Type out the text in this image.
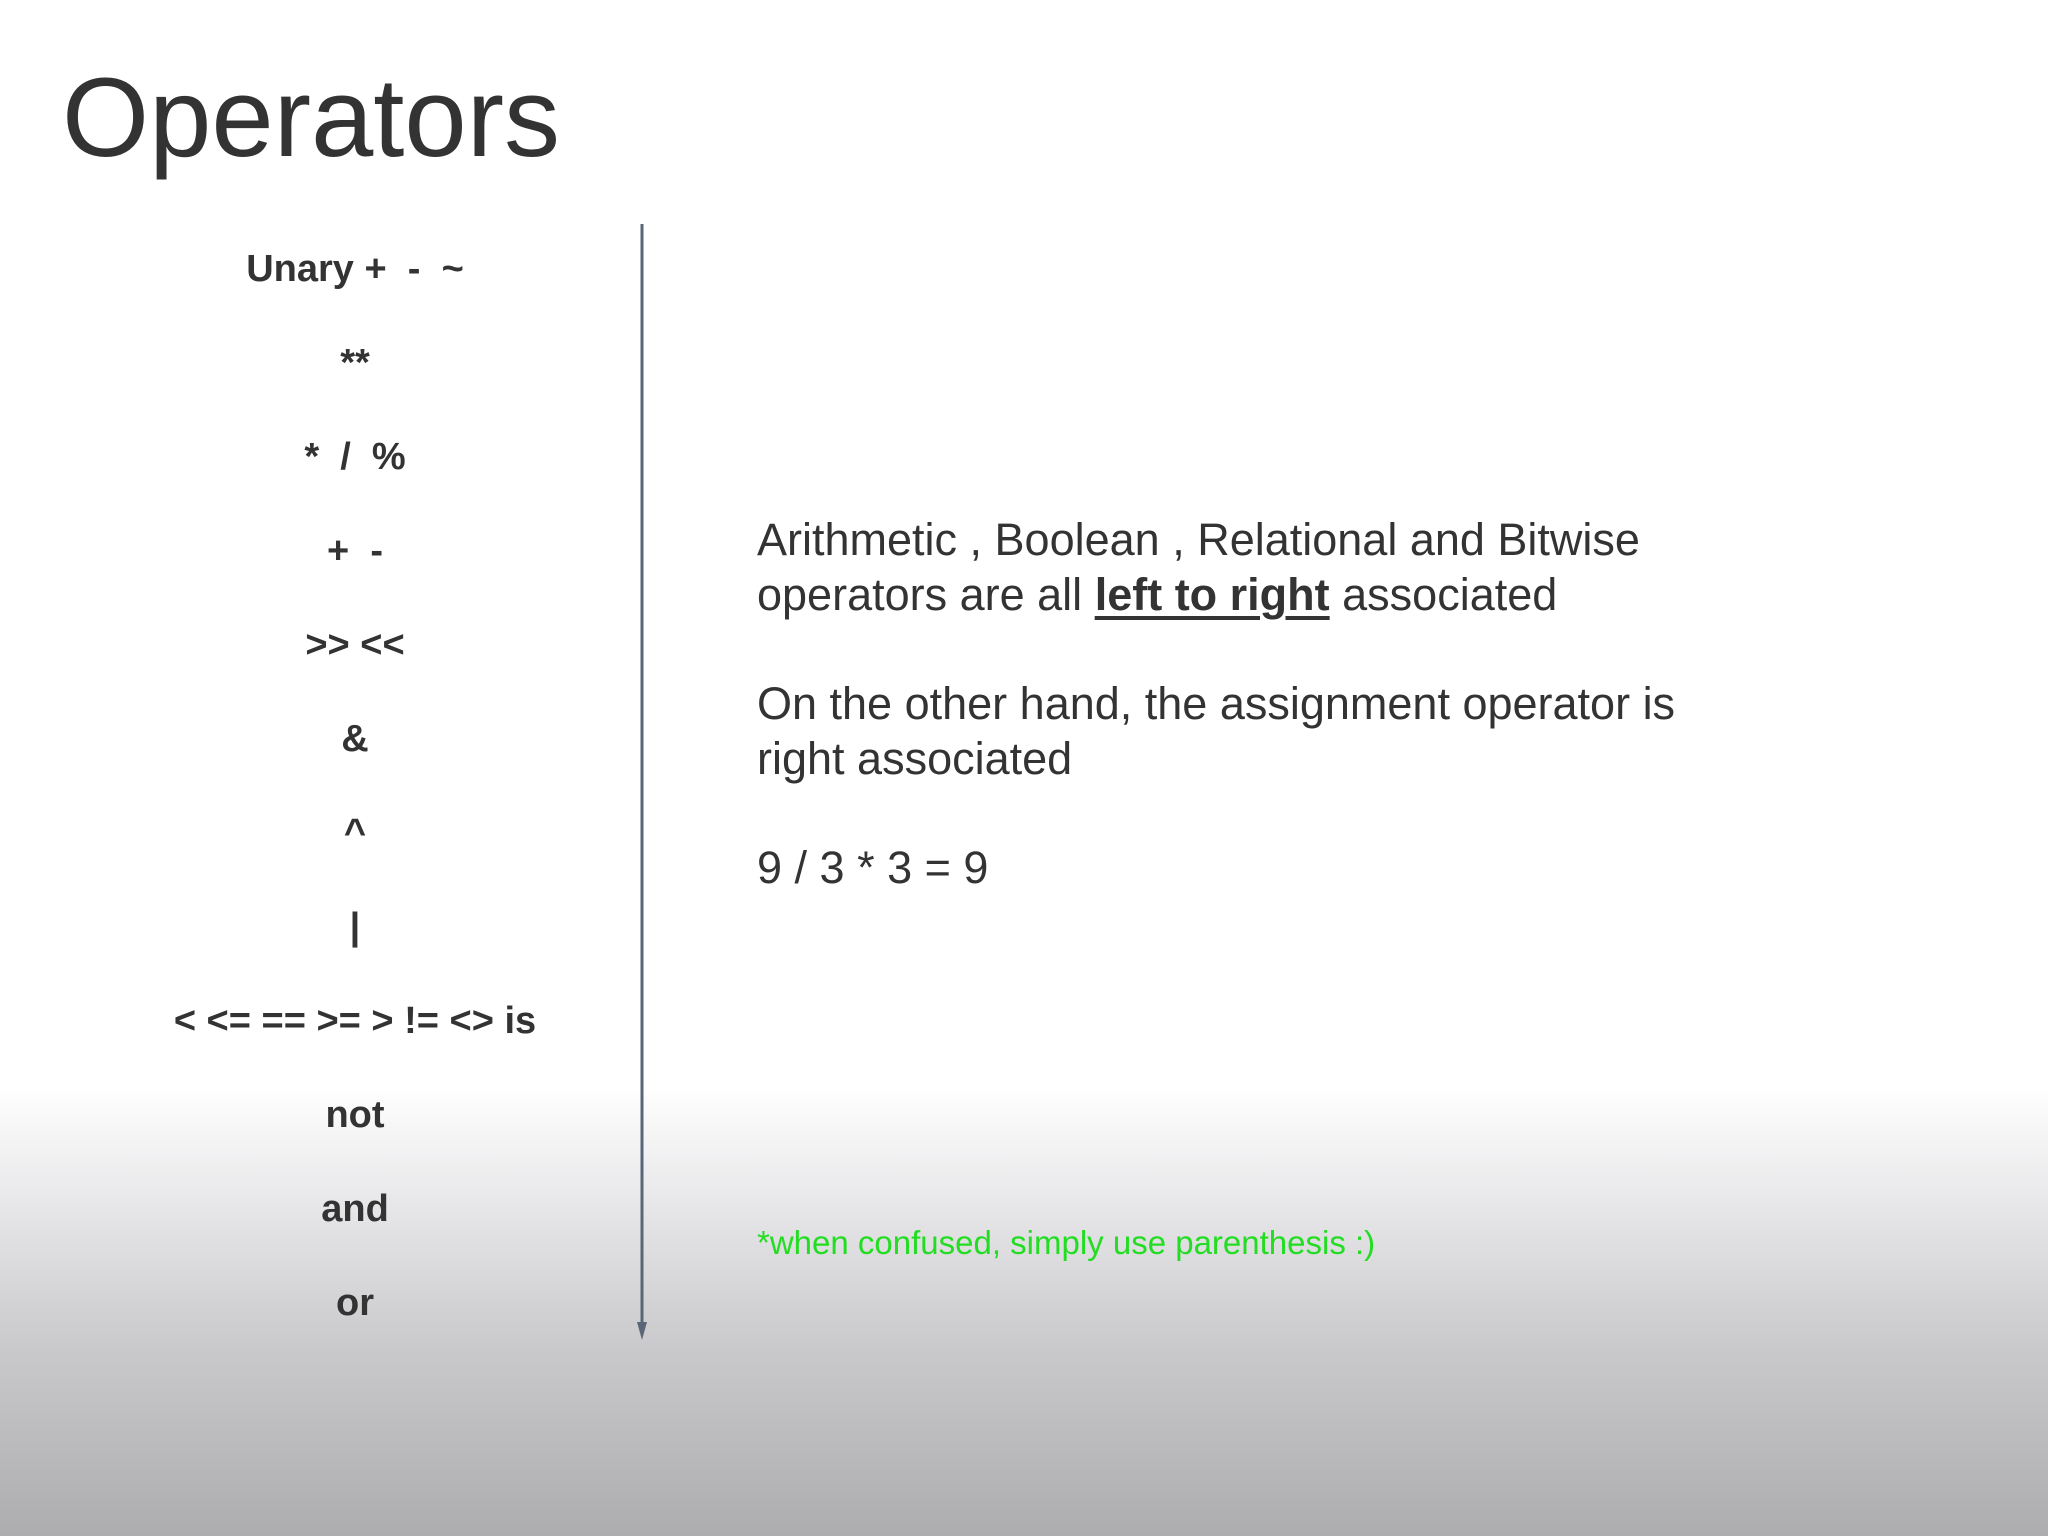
Operators
Unary +  -  ~
**
*  /  %
+  -
>> <<
&
^
|
< <= == >= > != <> is
not
and
or
Arithmetic , Boolean , Relational and Bitwise
operators are all left to right associated
On the other hand, the assignment operator is
right associated
9 / 3 * 3 = 9
*when confused, simply use parenthesis :)
